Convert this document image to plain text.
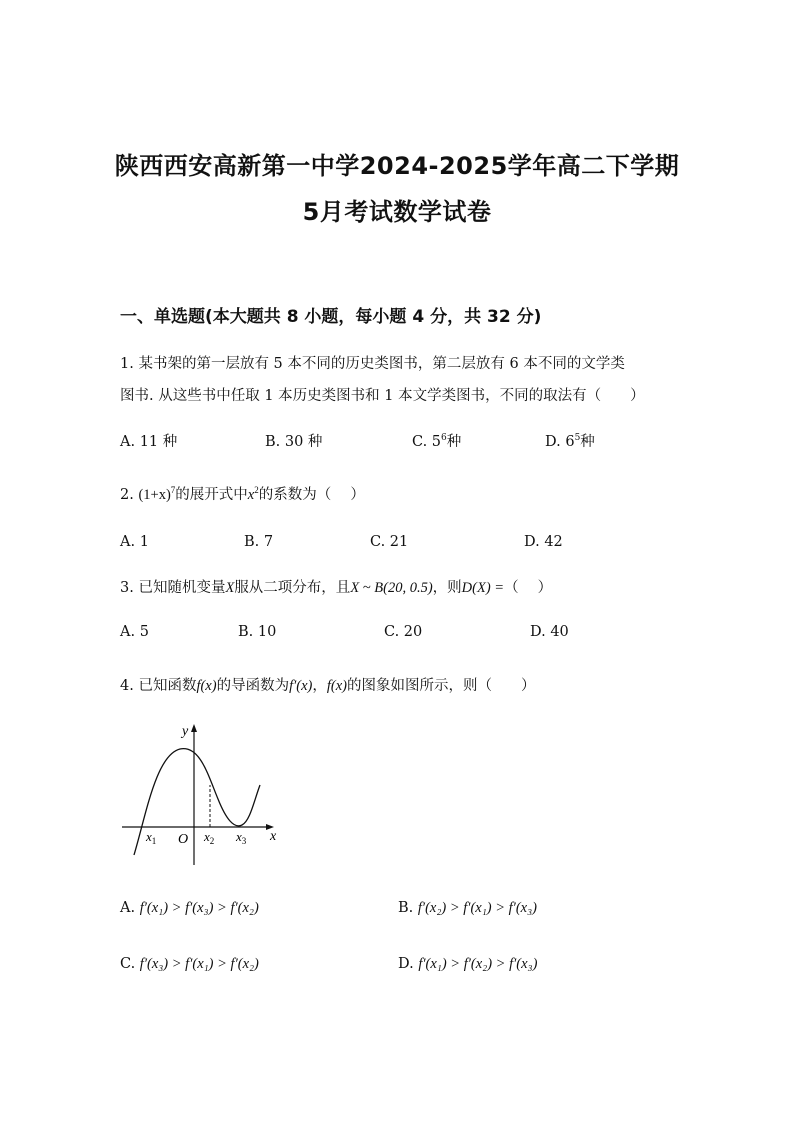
陕西西安高新第一中学2024-2025学年高二下学期
5月考试数学试卷
一、单选题(本大题共 8 小题，每小题 4 分，共 32 分)
1. 某书架的第一层放有 5 本不同的历史类图书，第二层放有 6 本不同的文学类
图书. 从这些书中任取 1 本历史类图书和 1 本文学类图书，不同的取法有（　　）
A. 11 种	B. 30 种	C. $5^6$种	D. $6^5$种
2. $(1+x)^7$的展开式中$x^2$的系数为（　 ）
A. 1	B. 7	C. 21	D. 42
3. 已知随机变量X服从二项分布，且X ~ B(20, 0.5)，则D(X) =（　 ）
A. 5	B. 10	C. 20	D. 40
4. 已知函数f(x)的导函数为f′(x)，f(x)的图象如图所示，则（　　）
y
x
O
$x_1$	$x_2$ $x_3$
A. f′(x₁) > f′(x₃) > f′(x₂)	B. f′(x₂) > f′(x₁) > f′(x₃)
C. f′(x₃) > f′(x₁) > f′(x₂)	D. f′(x₁) > f′(x₂) > f′(x₃)
